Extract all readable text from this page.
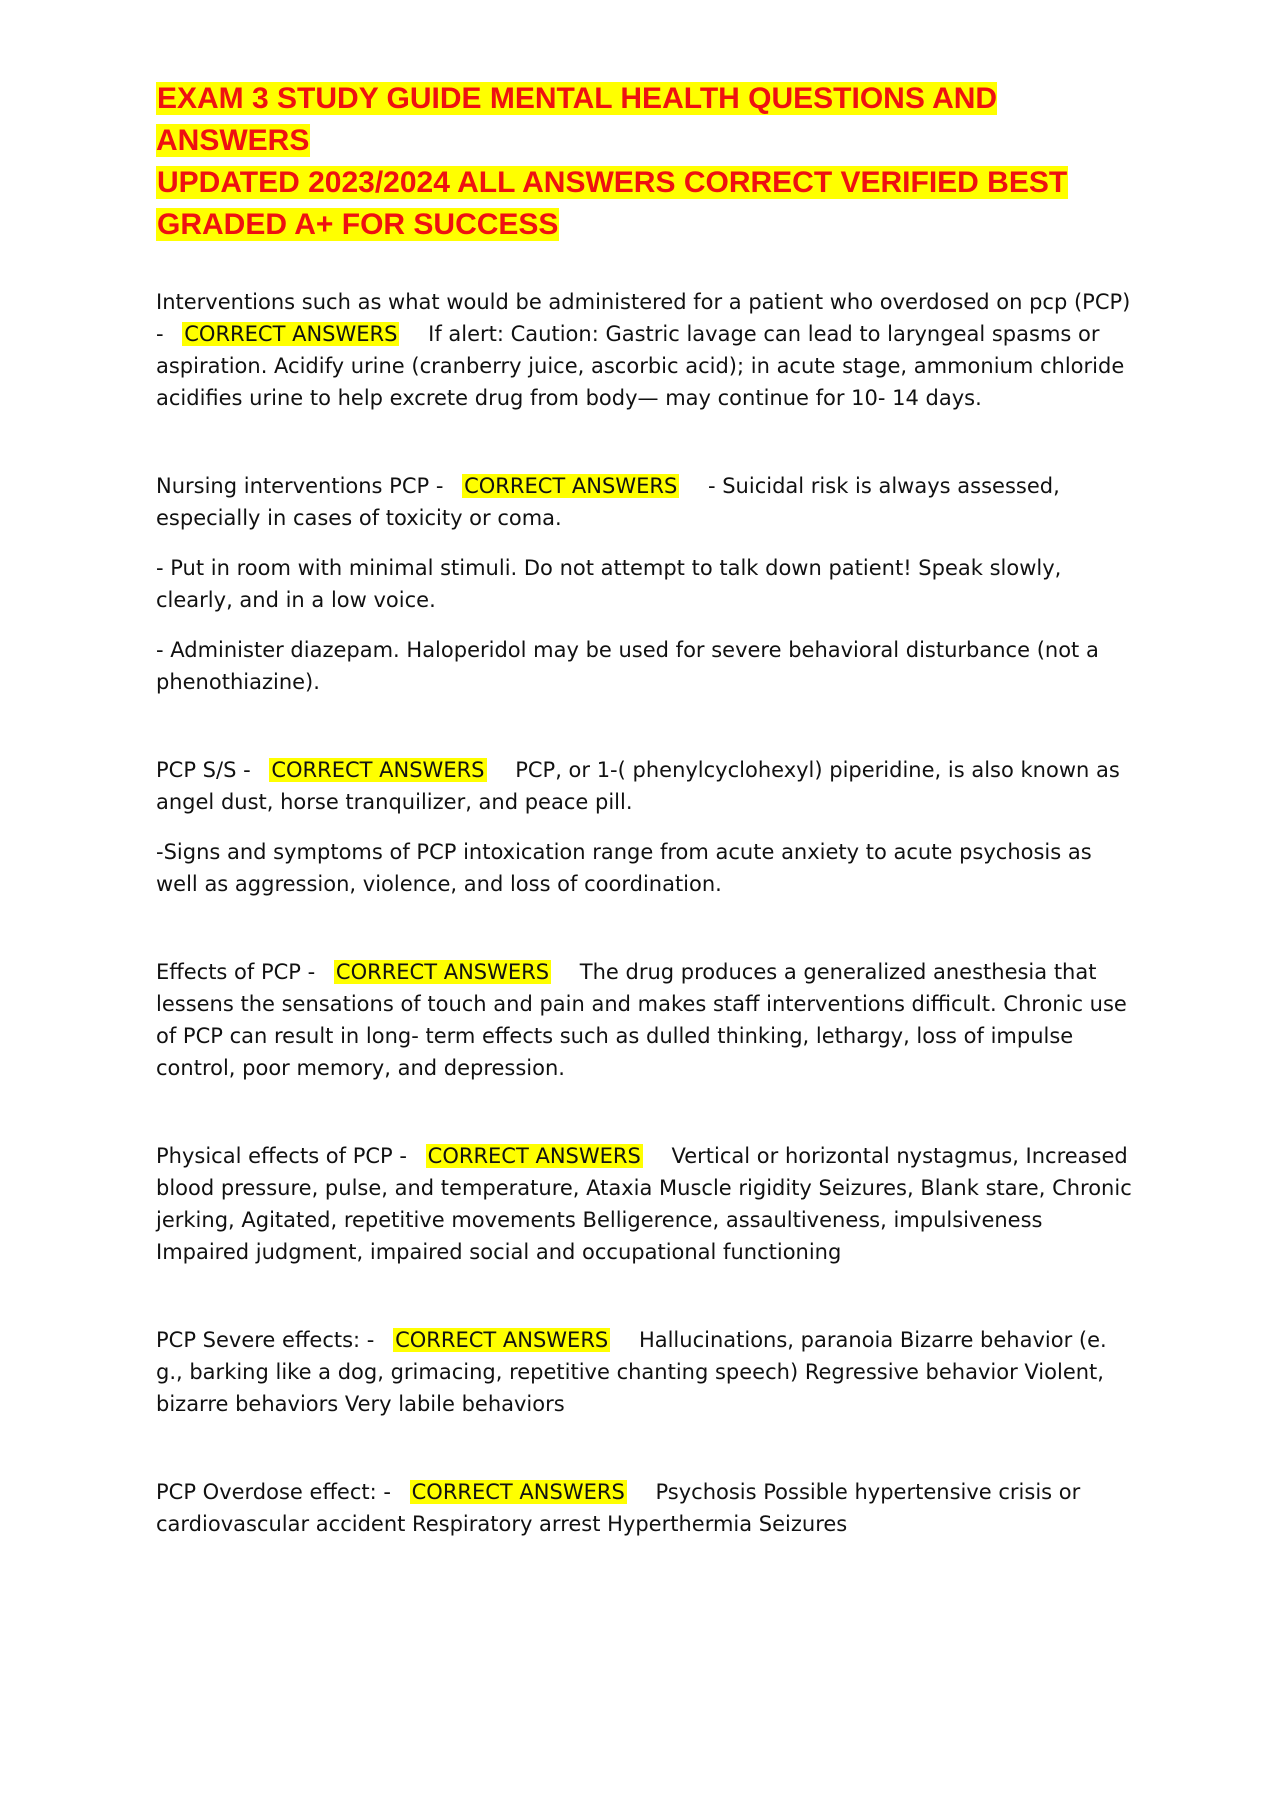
EXAM 3 STUDY GUIDE MENTAL HEALTH QUESTIONS AND ANSWERS
UPDATED 2023/2024 ALL ANSWERS CORRECT VERIFIED BEST
GRADED A+ FOR SUCCESS

Interventions such as what would be administered for a patient who overdosed on pcp (PCP) - CORRECT ANSWERS If alert: Caution: Gastric lavage can lead to laryngeal spasms or aspiration. Acidify urine (cranberry juice, ascorbic acid); in acute stage, ammonium chloride acidifies urine to help excrete drug from body— may continue for 10- 14 days.

Nursing interventions PCP - CORRECT ANSWERS - Suicidal risk is always assessed, especially in cases of toxicity or coma.

- Put in room with minimal stimuli. Do not attempt to talk down patient! Speak slowly, clearly, and in a low voice.

- Administer diazepam. Haloperidol may be used for severe behavioral disturbance (not a phenothiazine).

PCP S/S - CORRECT ANSWERS PCP, or 1-( phenylcyclohexyl) piperidine, is also known as angel dust, horse tranquilizer, and peace pill.

-Signs and symptoms of PCP intoxication range from acute anxiety to acute psychosis as well as aggression, violence, and loss of coordination.

Effects of PCP - CORRECT ANSWERS The drug produces a generalized anesthesia that lessens the sensations of touch and pain and makes staff interventions difficult. Chronic use of PCP can result in long- term effects such as dulled thinking, lethargy, loss of impulse control, poor memory, and depression.

Physical effects of PCP - CORRECT ANSWERS Vertical or horizontal nystagmus, Increased blood pressure, pulse, and temperature, Ataxia Muscle rigidity Seizures, Blank stare, Chronic jerking, Agitated, repetitive movements Belligerence, assaultiveness, impulsiveness Impaired judgment, impaired social and occupational functioning

PCP Severe effects: - CORRECT ANSWERS Hallucinations, paranoia Bizarre behavior (e. g., barking like a dog, grimacing, repetitive chanting speech) Regressive behavior Violent, bizarre behaviors Very labile behaviors

PCP Overdose effect: - CORRECT ANSWERS Psychosis Possible hypertensive crisis or cardiovascular accident Respiratory arrest Hyperthermia Seizures
